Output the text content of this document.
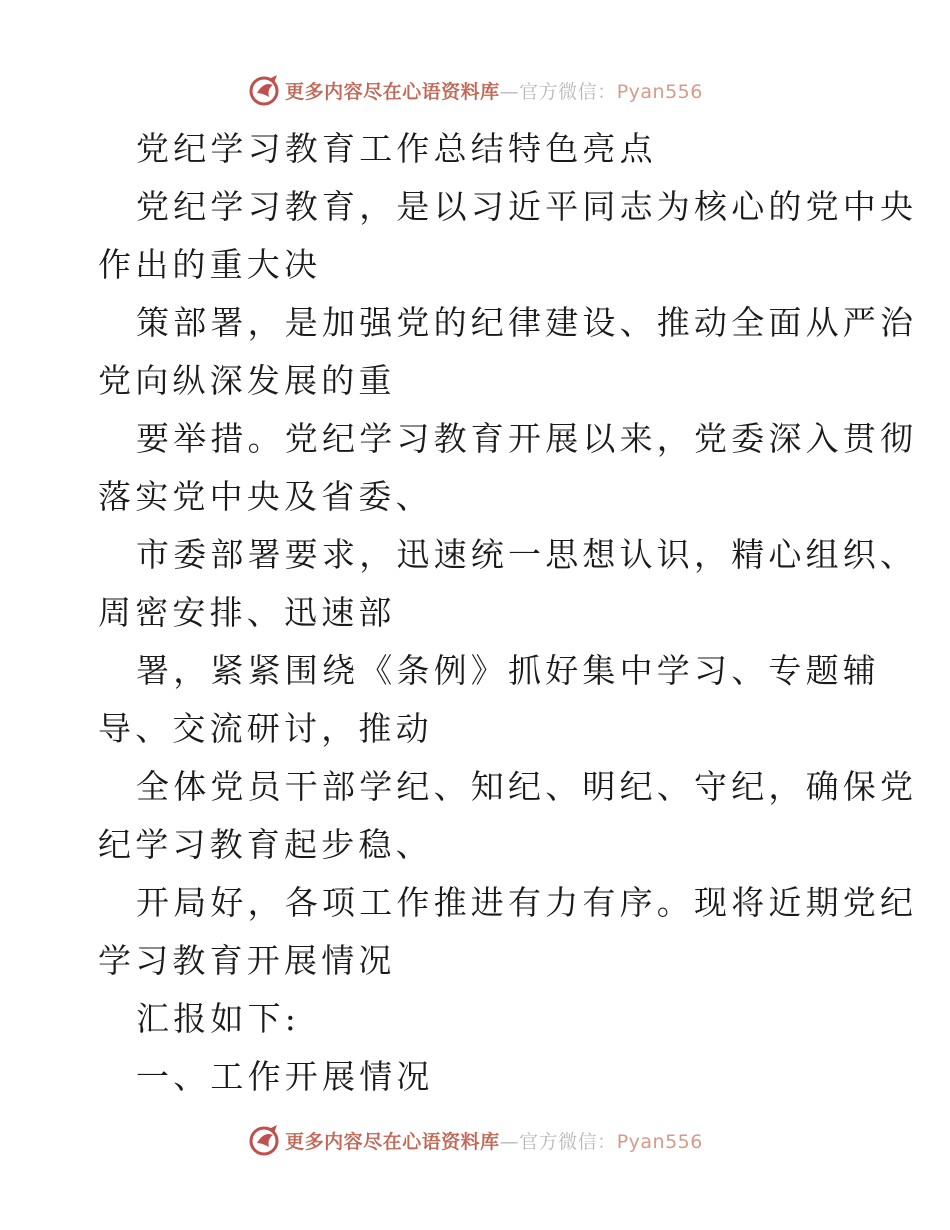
更多内容尽在心语资料库—官方微信：Pyan556
党纪学习教育工作总结特色亮点
党纪学习教育，是以习近平同志为核心的党中央
作出的重大决
策部署，是加强党的纪律建设、推动全面从严治
党向纵深发展的重
要举措。党纪学习教育开展以来，党委深入贯彻
落实党中央及省委、
市委部署要求，迅速统一思想认识，精心组织、
周密安排、迅速部
署，紧紧围绕《条例》抓好集中学习、专题辅
导、交流研讨，推动
全体党员干部学纪、知纪、明纪、守纪，确保党
纪学习教育起步稳、
开局好，各项工作推进有力有序。现将近期党纪
学习教育开展情况
汇报如下:
一、工作开展情况
更多内容尽在心语资料库—官方微信：Pyan556
